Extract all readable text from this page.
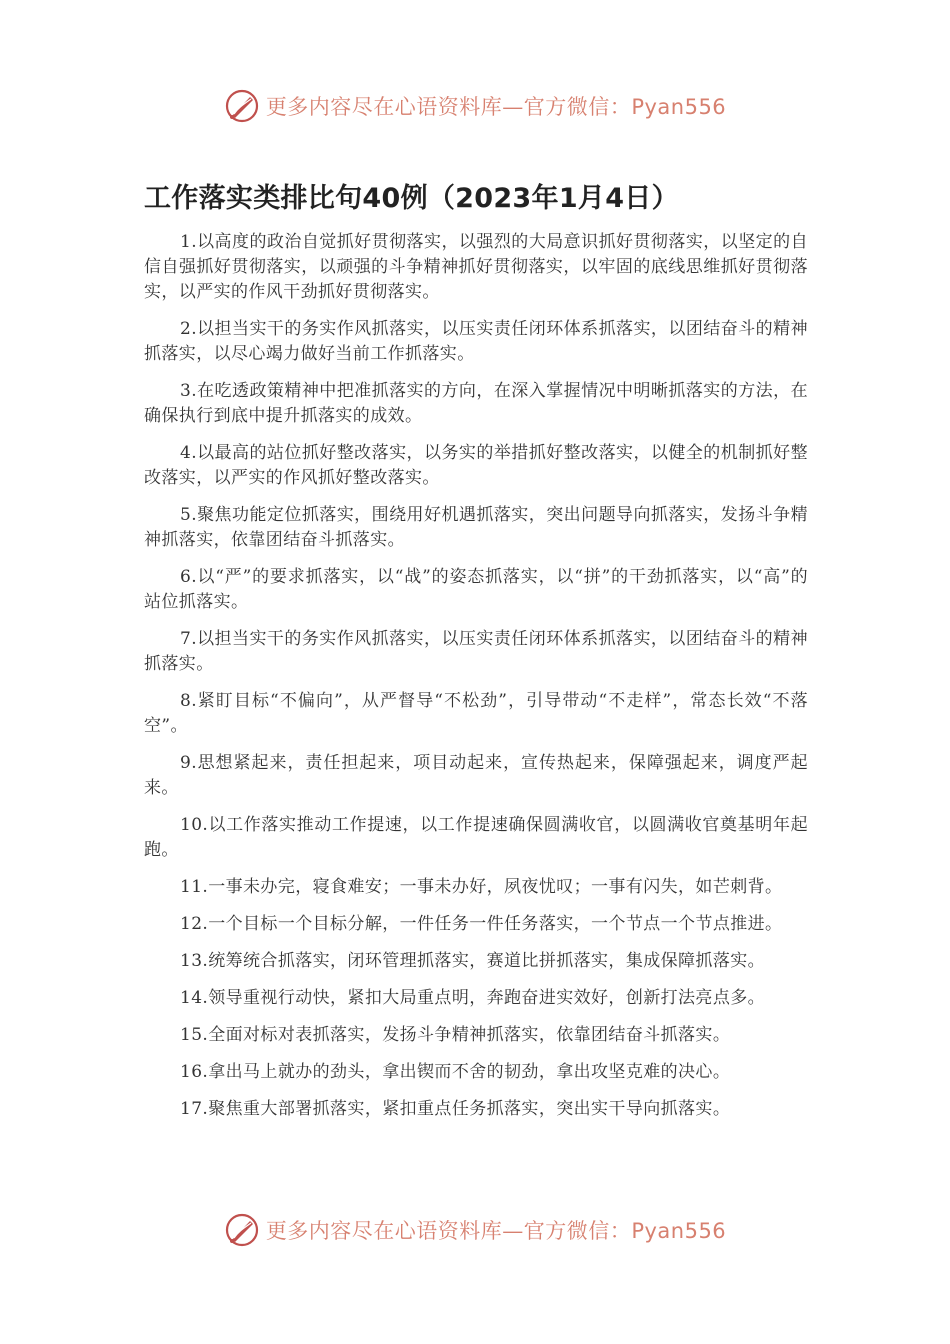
更多内容尽在心语资料库—官方微信：Pyan556
工作落实类排比句40例（2023年1月4日）

1.以高度的政治自觉抓好贯彻落实，以强烈的大局意识抓好贯彻落实，以坚定的自信自强抓好贯彻落实，以顽强的斗争精神抓好贯彻落实，以牢固的底线思维抓好贯彻落实，以严实的作风干劲抓好贯彻落实。

2.以担当实干的务实作风抓落实，以压实责任闭环体系抓落实，以团结奋斗的精神抓落实，以尽心竭力做好当前工作抓落实。

3.在吃透政策精神中把准抓落实的方向，在深入掌握情况中明晰抓落实的方法，在确保执行到底中提升抓落实的成效。

4.以最高的站位抓好整改落实，以务实的举措抓好整改落实，以健全的机制抓好整改落实，以严实的作风抓好整改落实。

5.聚焦功能定位抓落实，围绕用好机遇抓落实，突出问题导向抓落实，发扬斗争精神抓落实，依靠团结奋斗抓落实。

6.以“严”的要求抓落实，以“战”的姿态抓落实，以“拼”的干劲抓落实，以“高”的站位抓落实。

7.以担当实干的务实作风抓落实，以压实责任闭环体系抓落实，以团结奋斗的精神抓落实。

8.紧盯目标“不偏向”，从严督导“不松劲”，引导带动“不走样”，常态长效“不落空”。

9.思想紧起来，责任担起来，项目动起来，宣传热起来，保障强起来，调度严起来。

10.以工作落实推动工作提速，以工作提速确保圆满收官，以圆满收官奠基明年起跑。

11.一事未办完，寝食难安；一事未办好，夙夜忧叹；一事有闪失，如芒刺背。

12.一个目标一个目标分解，一件任务一件任务落实，一个节点一个节点推进。

13.统筹统合抓落实，闭环管理抓落实，赛道比拼抓落实，集成保障抓落实。

14.领导重视行动快，紧扣大局重点明，奔跑奋进实效好，创新打法亮点多。

15.全面对标对表抓落实，发扬斗争精神抓落实，依靠团结奋斗抓落实。

16.拿出马上就办的劲头，拿出锲而不舍的韧劲，拿出攻坚克难的决心。

17.聚焦重大部署抓落实，紧扣重点任务抓落实，突出实干导向抓落实。

更多内容尽在心语资料库—官方微信：Pyan556
